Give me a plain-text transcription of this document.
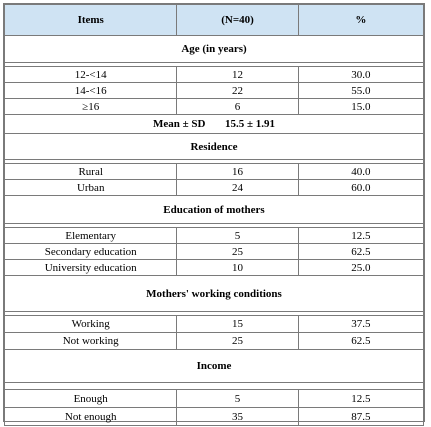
Items	(N=40)	%
Age (in years)		

12-<14	12	30.0
14-<16	22	55.0
≥16	6	15.0
Mean ± SD 15.5 ± 1.91		
Residence		

Rural	16	40.0
Urban	24	60.0
Education of mothers		

Elementary	5	12.5
Secondary education	25	62.5
University education	10	25.0
Mothers' working conditions		

Working	15	37.5
Not working	25	62.5
Income		

Enough	5	12.5
Not enough	35	87.5
